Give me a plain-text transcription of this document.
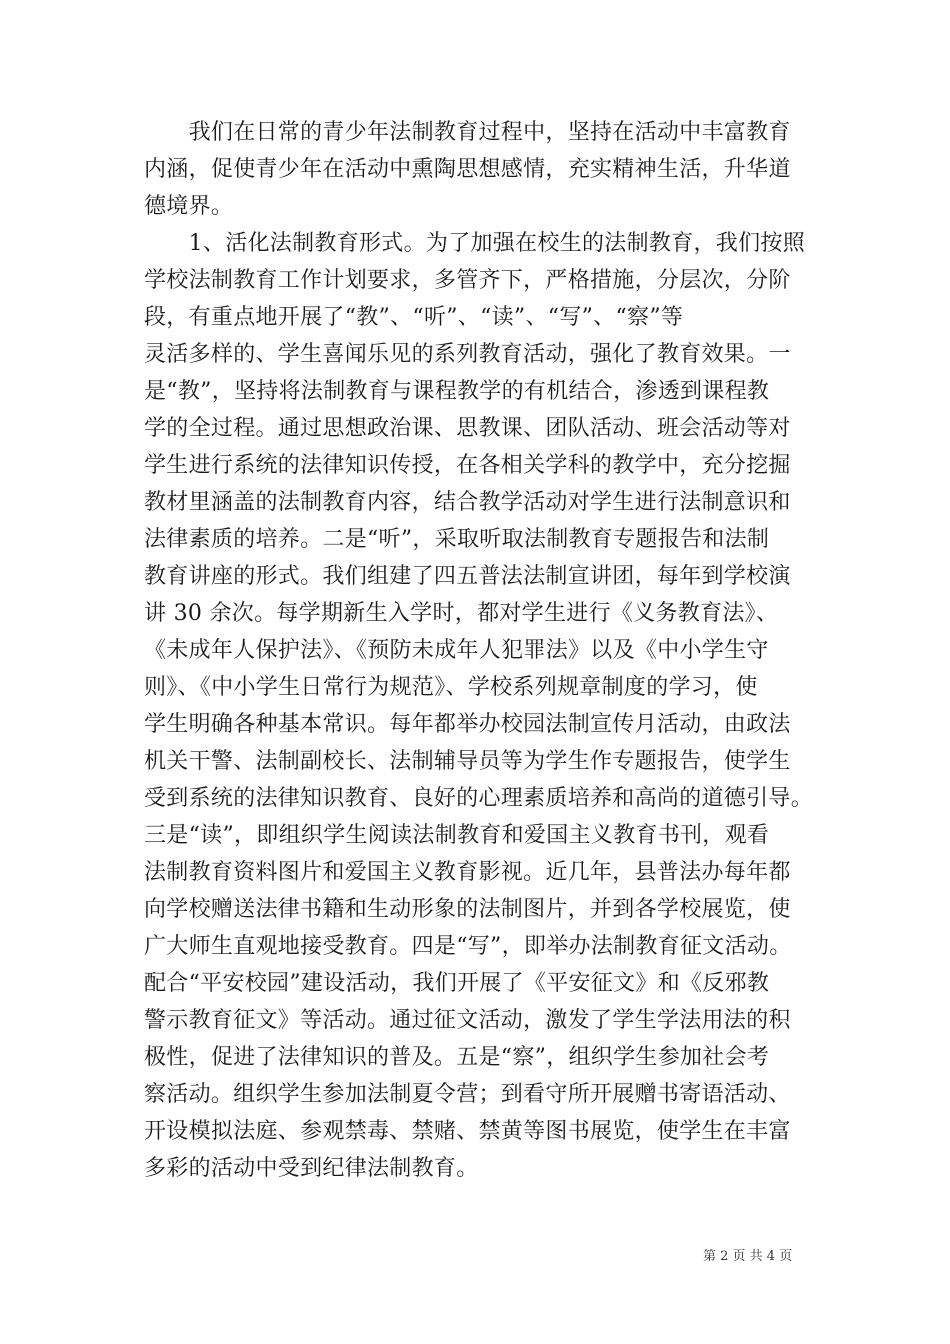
　　我们在日常的青少年法制教育过程中，坚持在活动中丰富教育
内涵，促使青少年在活动中熏陶思想感情，充实精神生活，升华道
德境界。
　　1、活化法制教育形式。为了加强在校生的法制教育，我们按照
学校法制教育工作计划要求，多管齐下，严格措施，分层次，分阶
段，有重点地开展了“教”、“听”、“读”、“写”、“察”等
灵活多样的、学生喜闻乐见的系列教育活动，强化了教育效果。一
是“教”，坚持将法制教育与课程教学的有机结合，渗透到课程教
学的全过程。通过思想政治课、思教课、团队活动、班会活动等对
学生进行系统的法律知识传授，在各相关学科的教学中，充分挖掘
教材里涵盖的法制教育内容，结合教学活动对学生进行法制意识和
法律素质的培养。二是“听”，采取听取法制教育专题报告和法制
教育讲座的形式。我们组建了四五普法法制宣讲团，每年到学校演
讲 30 余次。每学期新生入学时，都对学生进行《义务教育法》、
《未成年人保护法》、《预防未成年人犯罪法》以及《中小学生守
则》、《中小学生日常行为规范》、学校系列规章制度的学习，使
学生明确各种基本常识。每年都举办校园法制宣传月活动，由政法
机关干警、法制副校长、法制辅导员等为学生作专题报告，使学生
受到系统的法律知识教育、良好的心理素质培养和高尚的道德引导。
三是“读”，即组织学生阅读法制教育和爱国主义教育书刊，观看
法制教育资料图片和爱国主义教育影视。近几年，县普法办每年都
向学校赠送法律书籍和生动形象的法制图片，并到各学校展览，使
广大师生直观地接受教育。四是“写”，即举办法制教育征文活动。
配合“平安校园”建设活动，我们开展了《平安征文》和《反邪教
警示教育征文》等活动。通过征文活动，激发了学生学法用法的积
极性，促进了法律知识的普及。五是“察”，组织学生参加社会考
察活动。组织学生参加法制夏令营；到看守所开展赠书寄语活动、
开设模拟法庭、参观禁毒、禁赌、禁黄等图书展览，使学生在丰富
多彩的活动中受到纪律法制教育。
第 2 页 共 4 页
